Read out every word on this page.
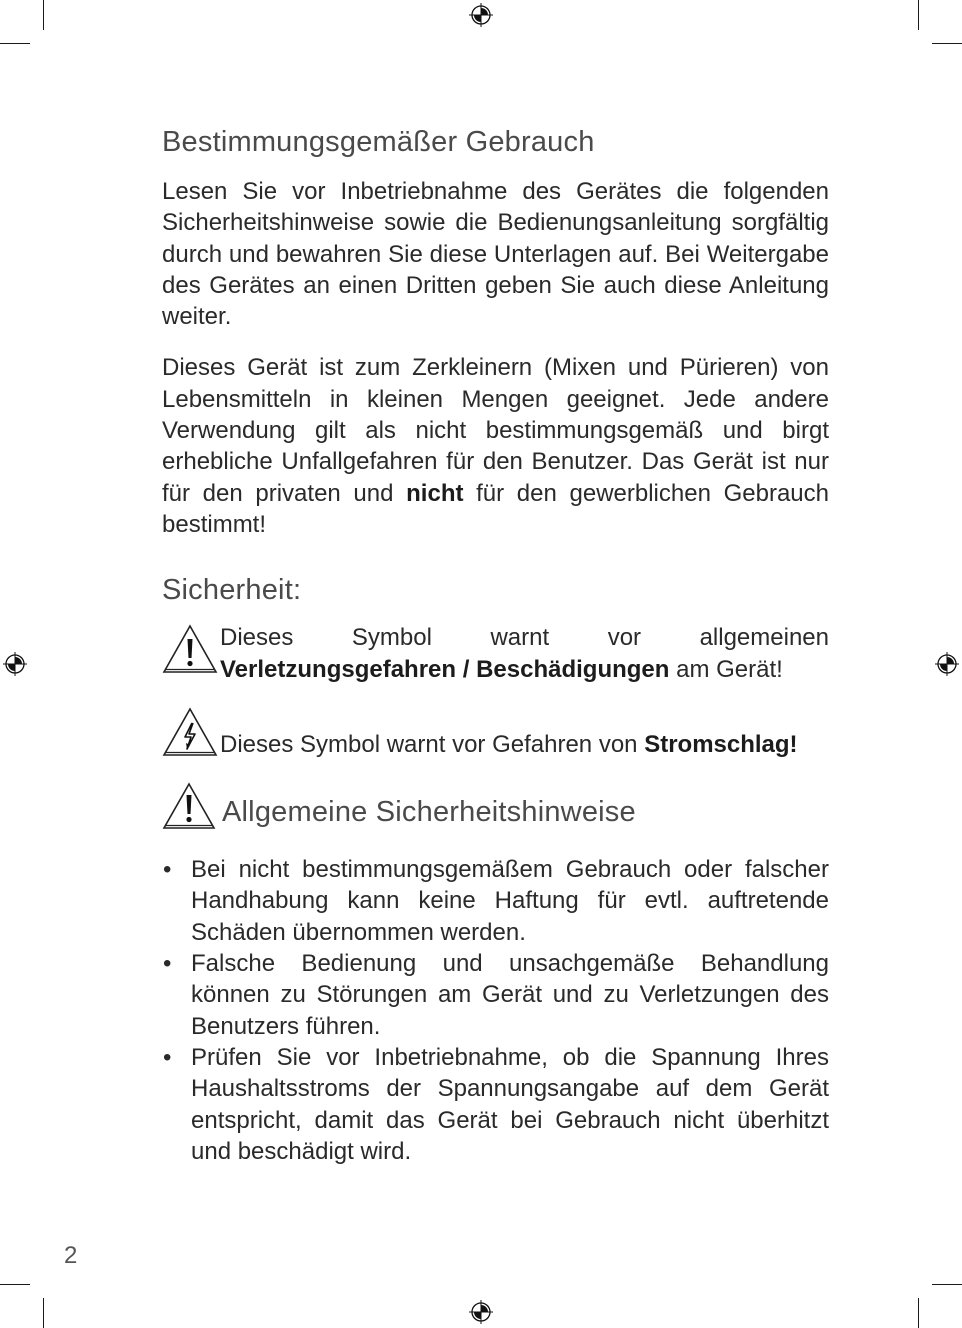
Bestimmungsgemäßer Gebrauch

Lesen Sie vor Inbetriebnahme des Gerätes die folgenden Sicherheitshinweise sowie die Bedienungsanleitung sorgfältig durch und bewahren Sie diese Unterlagen auf. Bei Weitergabe des Gerätes an einen Dritten geben Sie auch diese Anleitung weiter.

Dieses Gerät ist zum Zerkleinern (Mixen und Pürieren) von Lebensmitteln in kleinen Mengen geeignet. Jede andere Verwendung gilt als nicht bestimmungsgemäß und birgt erhebliche Unfallgefahren für den Benutzer. Das Gerät ist nur für den privaten und nicht für den gewerblichen Gebrauch bestimmt!

Sicherheit:

Dieses Symbol warnt vor allgemeinen Verletzungsgefahren / Beschädigungen am Gerät!

Dieses Symbol warnt vor Gefahren von Stromschlag!

Allgemeine Sicherheitshinweise
• Bei nicht bestimmungsgemäßem Gebrauch oder falscher Handhabung kann keine Haftung für evtl. auftretende Schäden übernommen werden.

• Falsche Bedienung und unsachgemäße Behandlung können zu Störungen am Gerät und zu Verletzungen des Benutzers führen.

• Prüfen Sie vor Inbetriebnahme, ob die Spannung Ihres Haushaltsstroms der Spannungsangabe auf dem Gerät entspricht, damit das Gerät bei Gebrauch nicht überhitzt und beschädigt wird.

2
